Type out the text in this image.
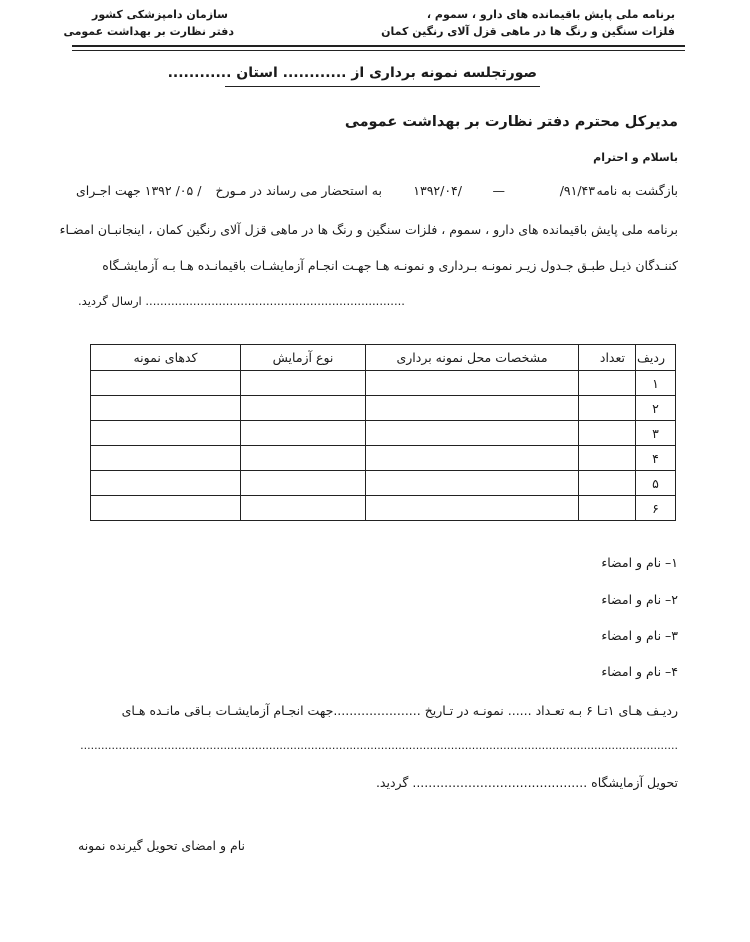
برنامه ملی پایش باقیمانده های دارو ، سموم ،
فلزات سنگین و رنگ ها در ماهی قزل آلای رنگین کمان
سازمان دامپزشکی کشور
دفتر نظارت بر بهداشت عمومی
صورتجلسه نمونه برداری از ............ استان ............
مدیرکل محترم دفتر نظارت بر بهداشت عمومی
باسلام و احترام
بازگشت به نامه
۹۱/۴۳/
—
/۱۳۹۲/۰۴
به استحضار می رساند در مـورخ
/ ۰۵/ ۱۳۹۲ جهت اجـرای
برنامه ملی پایش باقیمانده های دارو ، سموم ، فلزات سنگین و رنگ ها در ماهی قزل آلای رنگین کمان ، اینجانبـان امضـاء
کننـدگان ذیـل طبـق جـدول زیـر نمونـه بـرداری و نمونـه هـا جهـت انجـام آزمایشـات باقیمانـده هـا بـه آزمایشـگاه
....................................................................... ارسال گردید.
ردیف	تعداد	مشخصات محل نمونه برداری	نوع آزمایش	کدهای نمونه
۱				
۲				
۳				
۴				
۵				
۶				
۱– نام و امضاء
۲– نام و امضاء
۳– نام و امضاء
۴– نام و امضاء
ردیـف هـای ۱تـا ۶ بـه تعـداد ...... نمونـه در تـاریخ ......................جهت انجـام آزمایشـات بـاقی مانـده هـای
...........................................................................................................................................................................
تحویل آزمایشگاه ............................................ گردید.
نام و امضای تحویل گیرنده نمونه
